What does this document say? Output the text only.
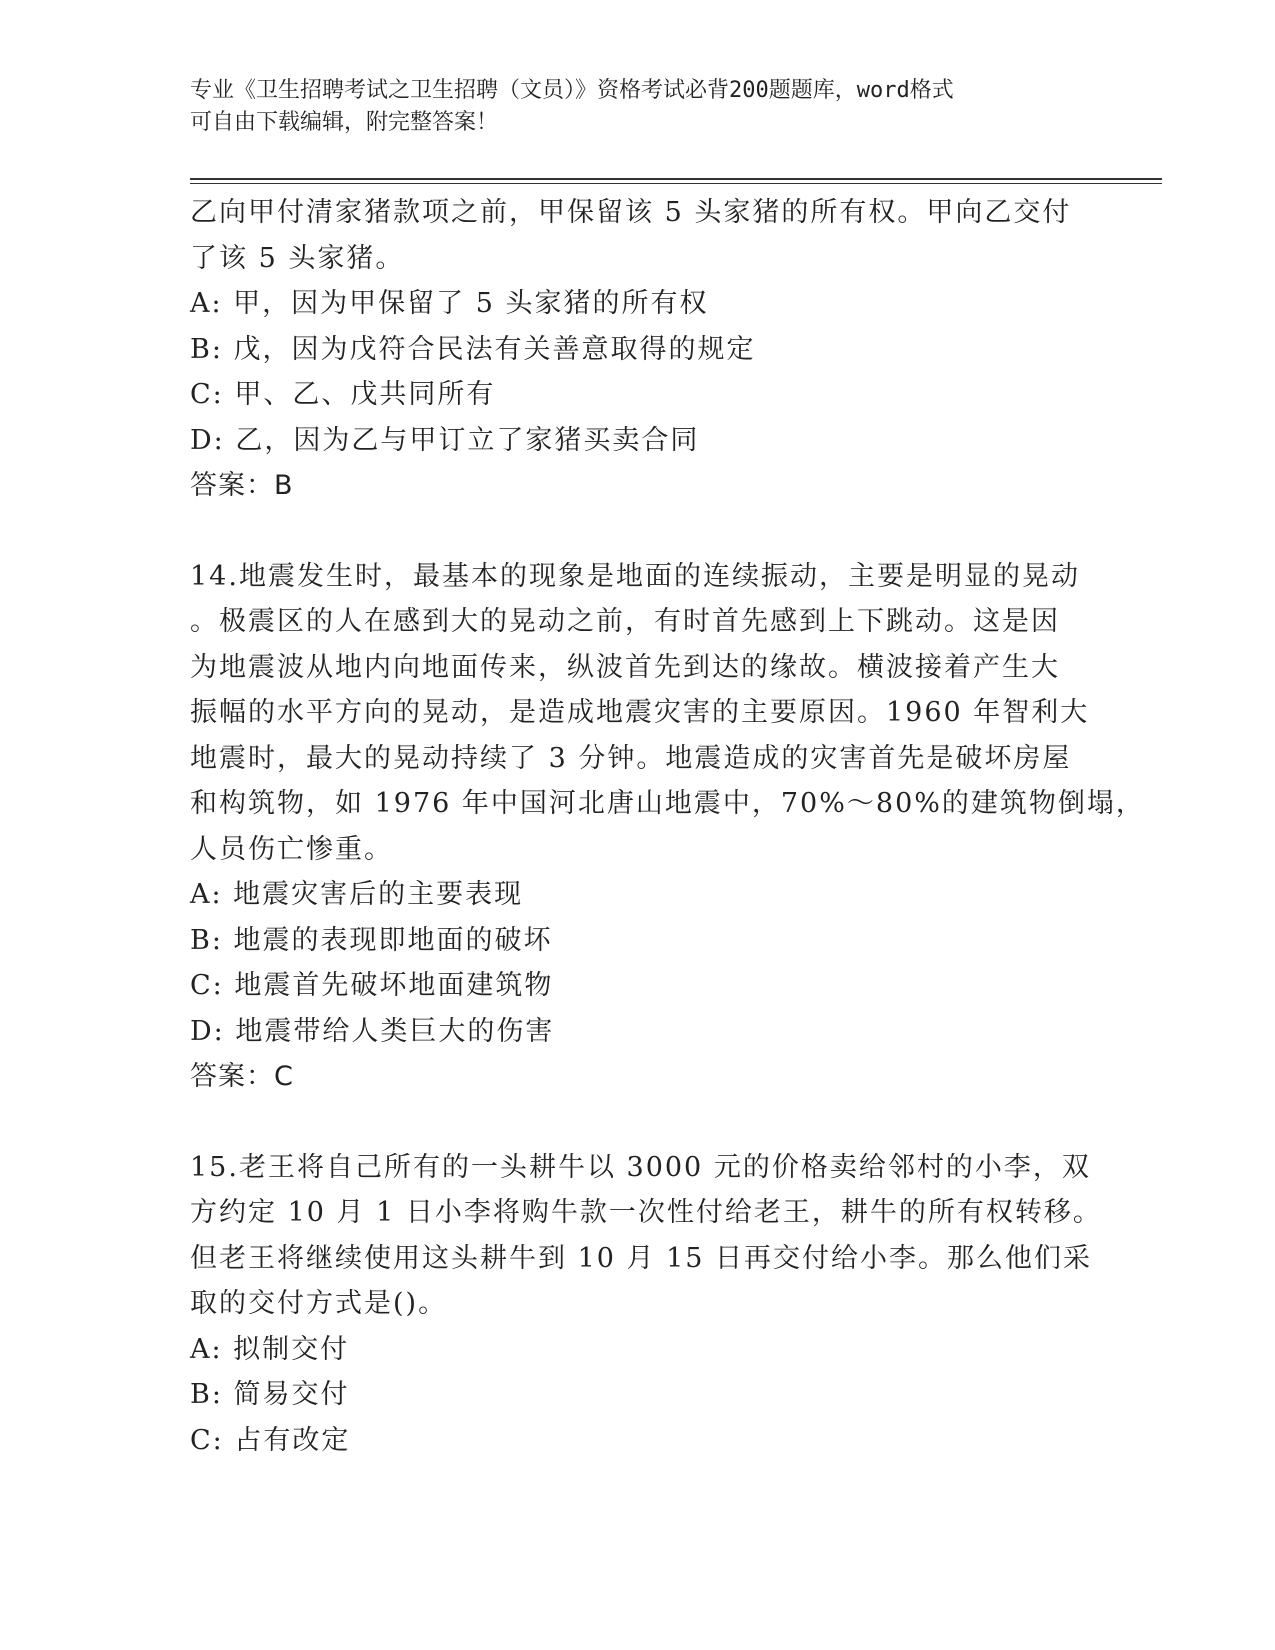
专业《卫生招聘考试之卫生招聘（文员）》资格考试必背200题题库，word格式
可自由下载编辑，附完整答案！
乙向甲付清家猪款项之前，甲保留该 5 头家猪的所有权。甲向乙交付
了该 5 头家猪。
A: 甲，因为甲保留了 5 头家猪的所有权
B: 戊，因为戊符合民法有关善意取得的规定
C: 甲、乙、戊共同所有
D: 乙，因为乙与甲订立了家猪买卖合同
答案：B
14.地震发生时，最基本的现象是地面的连续振动，主要是明显的晃动
。极震区的人在感到大的晃动之前，有时首先感到上下跳动。这是因
为地震波从地内向地面传来，纵波首先到达的缘故。横波接着产生大
振幅的水平方向的晃动，是造成地震灾害的主要原因。1960 年智利大
地震时，最大的晃动持续了 3 分钟。地震造成的灾害首先是破坏房屋
和构筑物，如 1976 年中国河北唐山地震中，70%～80%的建筑物倒塌，
人员伤亡惨重。
A: 地震灾害后的主要表现
B: 地震的表现即地面的破坏
C: 地震首先破坏地面建筑物
D: 地震带给人类巨大的伤害
答案：C
15.老王将自己所有的一头耕牛以 3000 元的价格卖给邻村的小李，双
方约定 10 月 1 日小李将购牛款一次性付给老王，耕牛的所有权转移。
但老王将继续使用这头耕牛到 10 月 15 日再交付给小李。那么他们采
取的交付方式是()。
A: 拟制交付
B: 简易交付
C: 占有改定
